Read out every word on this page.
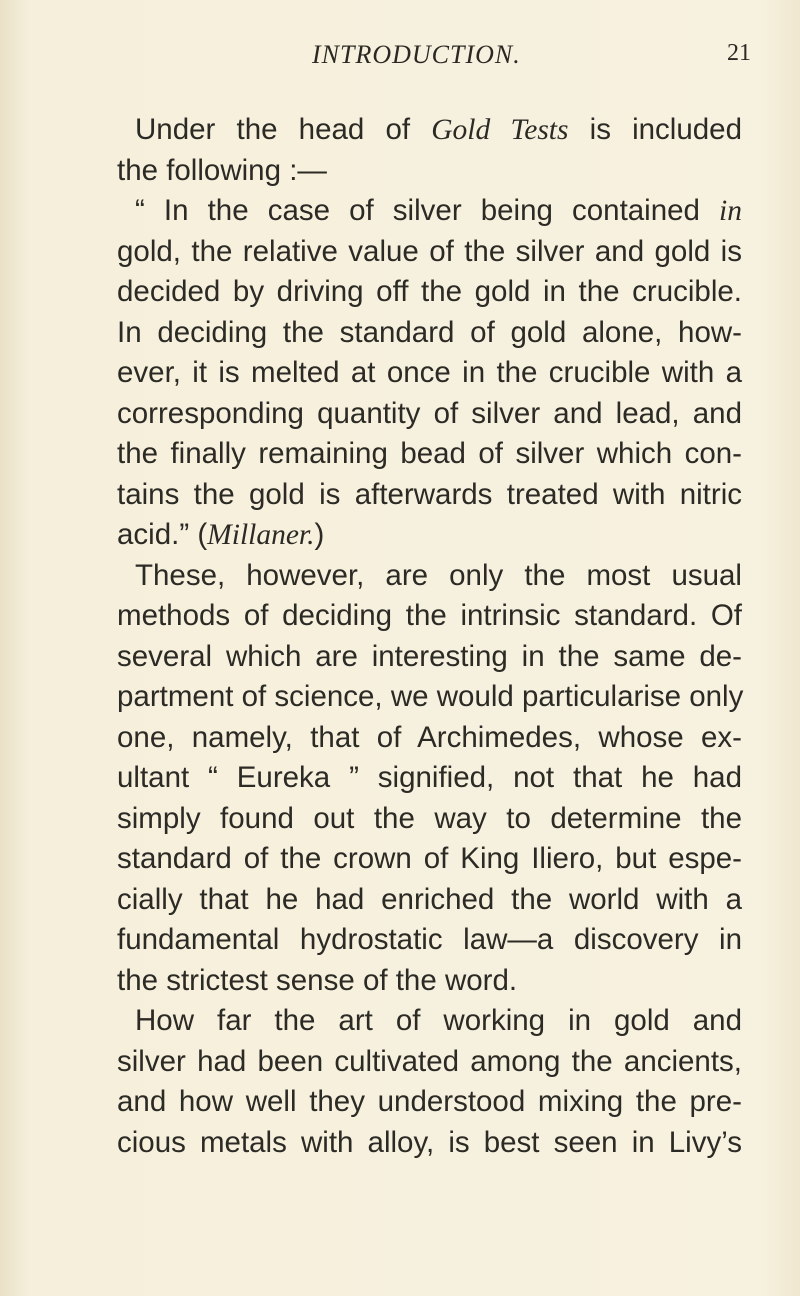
INTRODUCTION.	21
Under the head of Gold Tests is included
the following :—
“ In the case of silver being contained in
gold, the relative value of the silver and gold is
decided by driving off the gold in the crucible.
In deciding the standard of gold alone, how-
ever, it is melted at once in the crucible with a
corresponding quantity of silver and lead, and
the finally remaining bead of silver which con-
tains the gold is afterwards treated with nitric
acid.” (Millaner.)
These, however, are only the most usual
methods of deciding the intrinsic standard. Of
several which are interesting in the same de-
partment of science, we would particularise only
one, namely, that of Archimedes, whose ex-
ultant “ Eureka ” signified, not that he had
simply found out the way to determine the
standard of the crown of King Iliero, but espe-
cially that he had enriched the world with a
fundamental hydrostatic law—a discovery in
the strictest sense of the word.
How far the art of working in gold and
silver had been cultivated among the ancients,
and how well they understood mixing the pre-
cious metals with alloy, is best seen in Livy’s
